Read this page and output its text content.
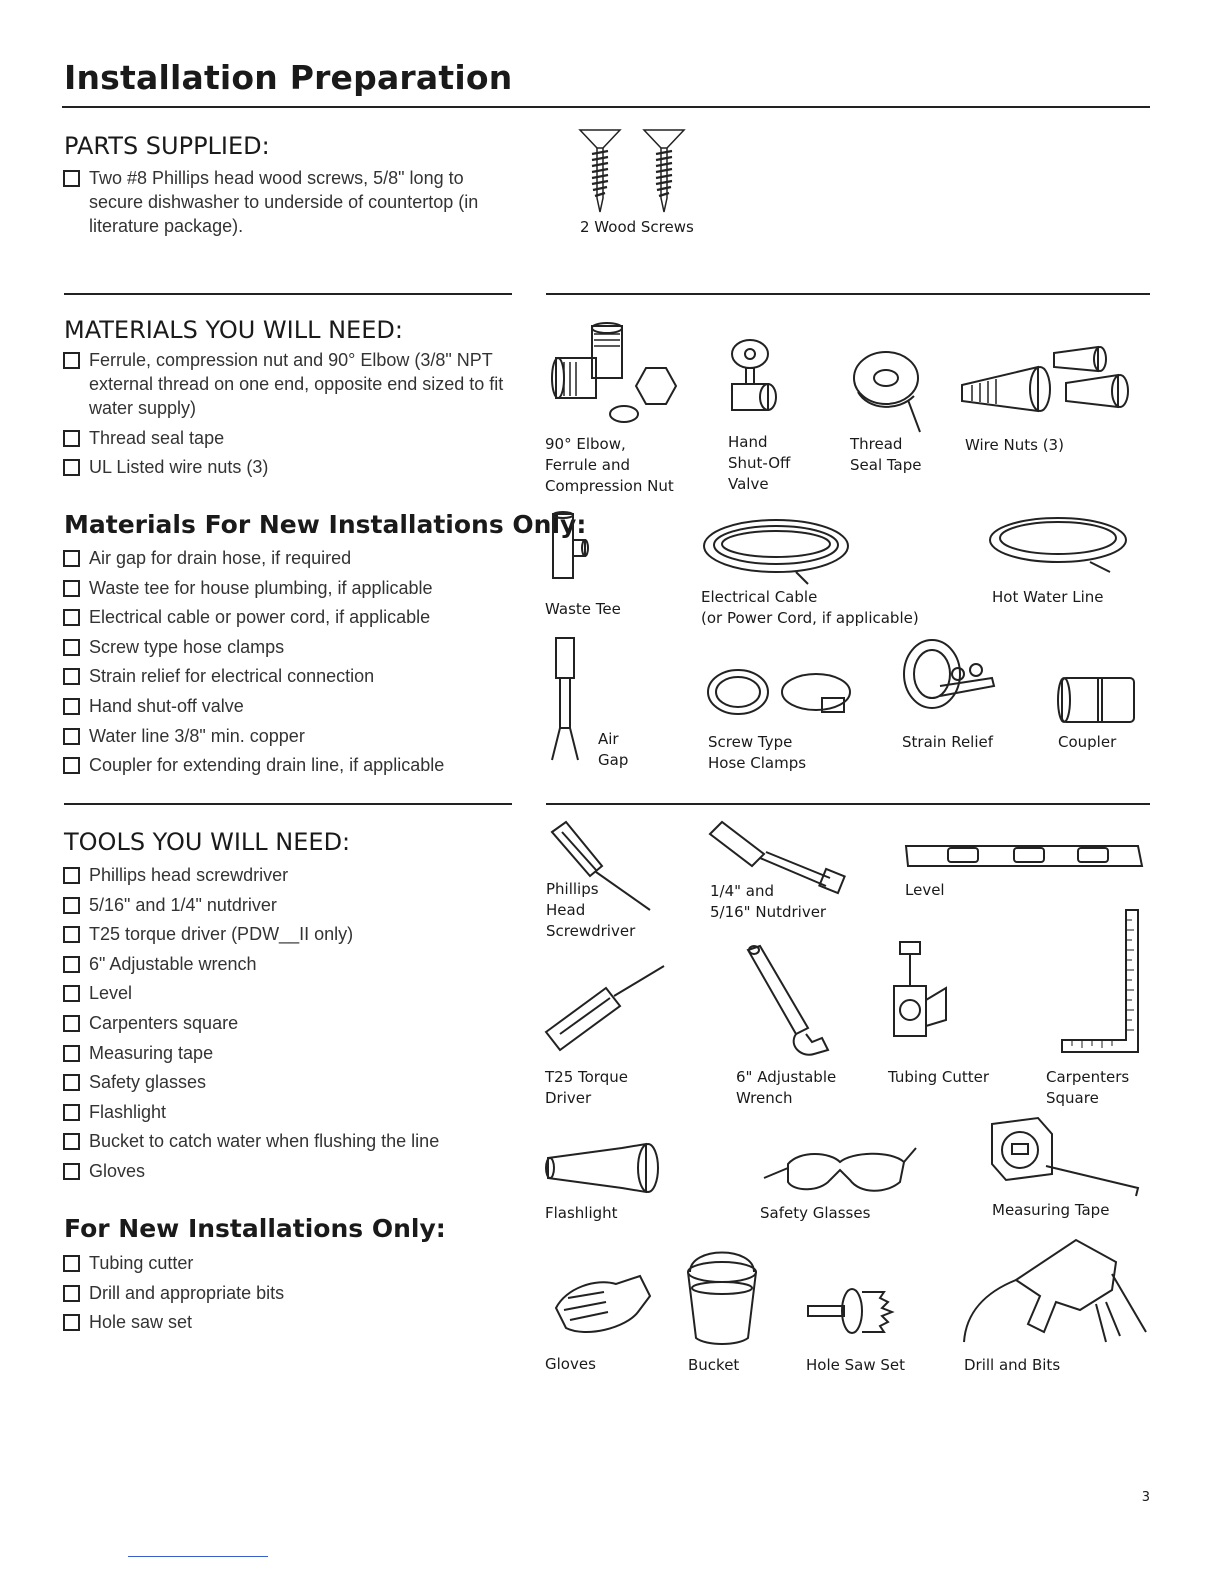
Installation Preparation
PARTS SUPPLIED:
Two #8 Phillips head wood screws, 5/8" long to secure dishwasher to underside of countertop (in literature package).	2 Wood Screws
MATERIALS YOU WILL NEED:
Ferrule, compression nut and 90° Elbow (3/8" NPT external thread on one end, opposite end sized to fit water supply)
Thread seal tape
UL Listed wire nuts (3)
90° Elbow,
Ferrule and
Compression Nut
Hand
Shut-Off
Valve
Thread
Seal Tape
Wire Nuts (3)
Materials For New Installations Only:
Air gap for drain hose, if required
Waste tee for house plumbing, if applicable
Electrical cable or power cord, if applicable
Screw type hose clamps
Strain relief for electrical connection
Hand shut-off valve
Water line 3/8" min. copper
Coupler for extending drain line, if applicable
Waste Tee
Electrical Cable
(or Power Cord, if applicable)
Hot Water Line
Air
Gap
Screw Type
Hose Clamps
Strain Relief	Coupler
TOOLS YOU WILL NEED:
Phillips head screwdriver
5/16" and 1/4" nutdriver
T25 torque driver (PDW__II only)
6" Adjustable wrench
Level
Carpenters square
Measuring tape
Safety glasses
Flashlight
Bucket to catch water when flushing the line
Gloves
For New Installations Only:
Tubing cutter
Drill and appropriate bits
Hole saw set
Phillips
Head
Screwdriver
1/4" and
5/16" Nutdriver
Level
T25 Torque
Driver
6" Adjustable
Wrench
Tubing Cutter	Carpenters
Square
Flashlight	Safety Glasses	Measuring Tape
Gloves	Bucket	Hole Saw Set	Drill and Bits
3
